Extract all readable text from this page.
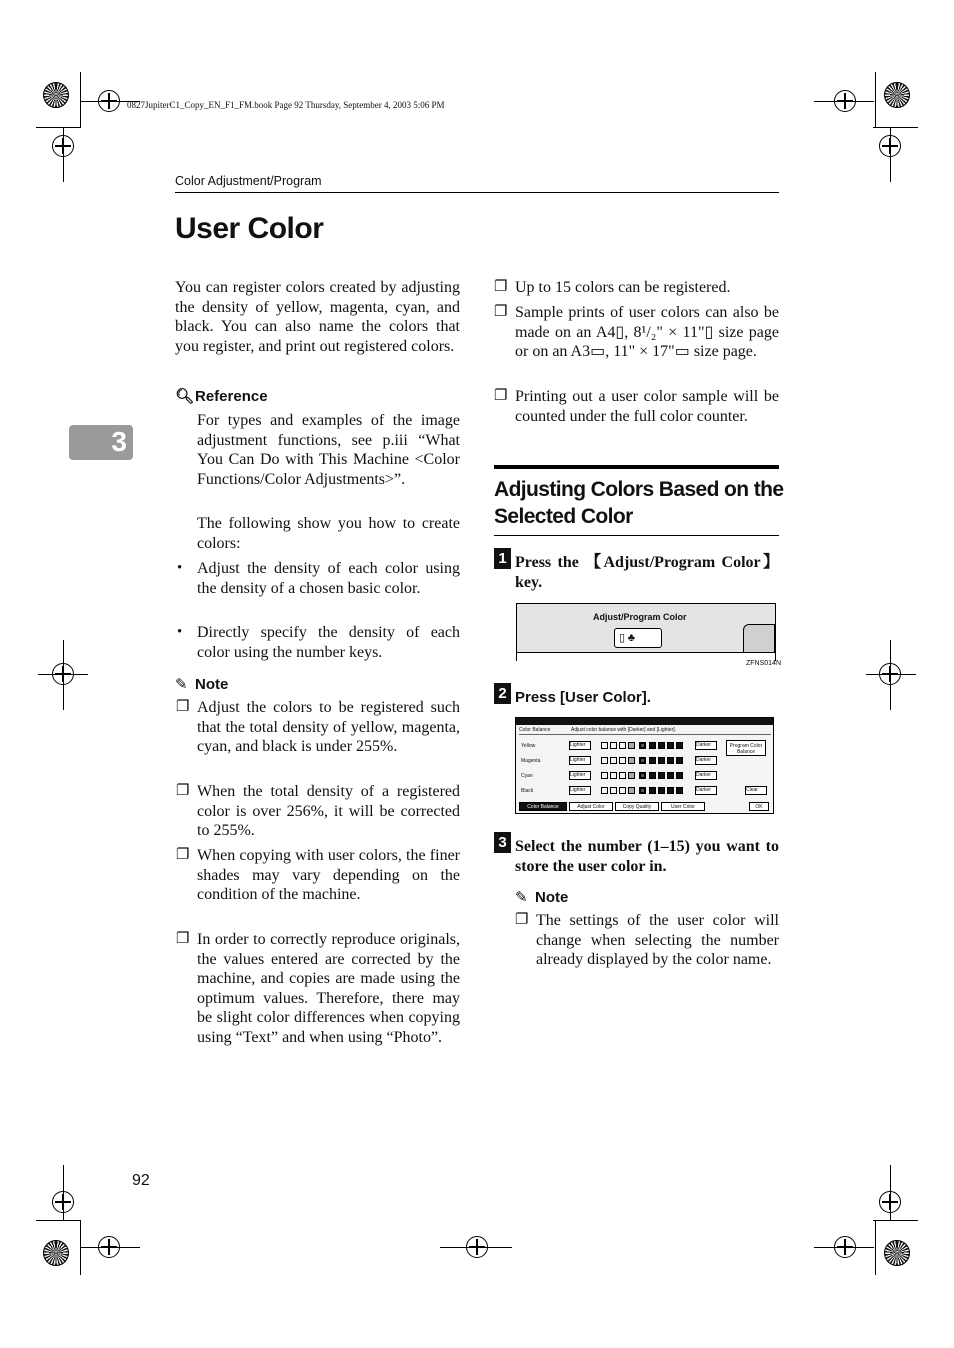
0827JupiterC1_Copy_EN_F1_FM.book Page 92 Thursday, September 4, 2003 5:06 PM
Color Adjustment/Program
User Color
3
You can register colors created by adjusting the density of yellow, magenta, cyan, and black. You can also name the colors that you register, and print out registered colors.
🔍︎Reference
For types and examples of the image adjustment functions, see p.iii “What You Can Do with This Machine <Color Functions/Color Adjustments>”.
The following show you how to create colors:
• Adjust the density of each color using the density of a chosen basic color.
• Directly specify the density of each color using the number keys.
✎ Note
❐ Adjust the colors to be registered such that the total density of yellow, magenta, cyan, and black is under 255%.
❐ When the total density of a registered color is over 256%, it will be corrected to 255%.
❐ When copying with user colors, the finer shades may vary depending on the condition of the machine.
❐ In order to correctly reproduce originals, the values entered are corrected by the machine, and copies are made using the optimum values. Therefore, there may be slight color differences when copying using “Text” and when using “Photo”.
❐ Up to 15 colors can be registered.
❐ Sample prints of user colors can also be made on an A4▯, 8¹/₂" × 11"▯ size page or on an A3▭, 11" × 17"▭ size page.
❐ Printing out a user color sample will be counted under the full color counter.
Adjusting Colors Based on the Selected Color
1 Press the 【Adjust/Program Color】 key.
Adjust/Program Color
▯ ♣
ZFNS014N
2 Press [User Color].

Color Balance	Adjust color balance with [Darker] and [Lighter].
Yellow	Lighter	Darker
Magenta	Lighter	Darker
Cyan	Lighter	Darker
Black	Lighter	Darker	Clear
Program Color Balance
Color Balance	Adjust Color	Copy Quality	User Color	OK
3 Select the number (1–15) you want to store the user color in.
✎ Note
❐ The settings of the user color will change when selecting the number already displayed by the color name.
92
